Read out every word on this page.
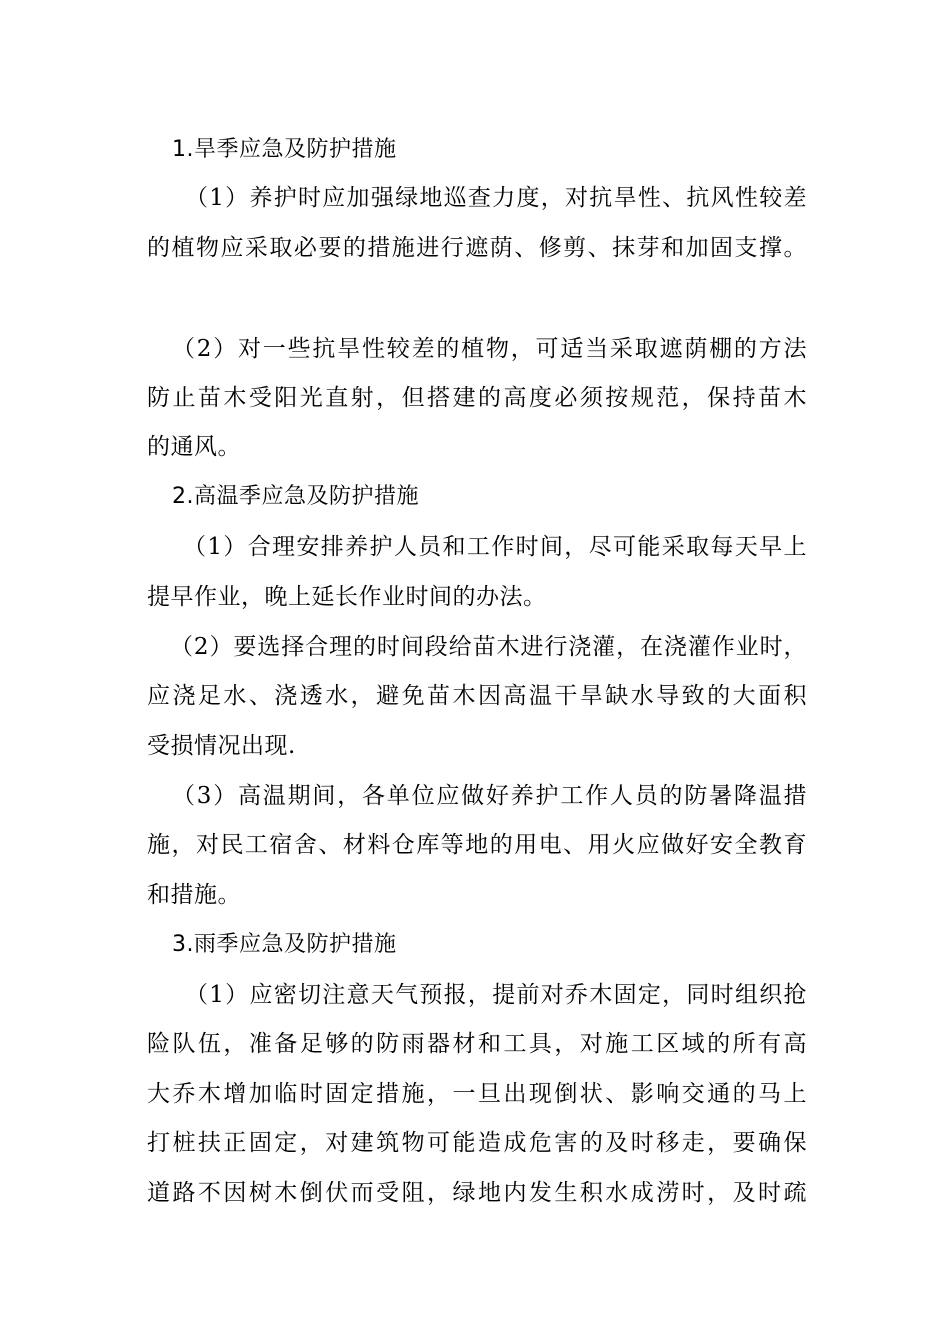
1.旱季应急及防护措施
（1）养护时应加强绿地巡查力度，对抗旱性、抗风性较差
的植物应采取必要的措施进行遮荫、修剪、抹芽和加固支撑。
（2）对一些抗旱性较差的植物，可适当采取遮荫棚的方法
防止苗木受阳光直射，但搭建的高度必须按规范，保持苗木
的通风。
2.高温季应急及防护措施
（1）合理安排养护人员和工作时间，尽可能采取每天早上
提早作业，晚上延长作业时间的办法。
（2）要选择合理的时间段给苗木进行浇灌，在浇灌作业时，
应浇足水、浇透水，避免苗木因高温干旱缺水导致的大面积
受损情况出现.
（3）高温期间，各单位应做好养护工作人员的防暑降温措
施，对民工宿舍、材料仓库等地的用电、用火应做好安全教育
和措施。
3.雨季应急及防护措施
（1）应密切注意天气预报，提前对乔木固定，同时组织抢
险队伍，准备足够的防雨器材和工具，对施工区域的所有高
大乔木增加临时固定措施，一旦出现倒状、影响交通的马上
打桩扶正固定，对建筑物可能造成危害的及时移走，要确保
道路不因树木倒伏而受阻，绿地内发生积水成涝时，及时疏
